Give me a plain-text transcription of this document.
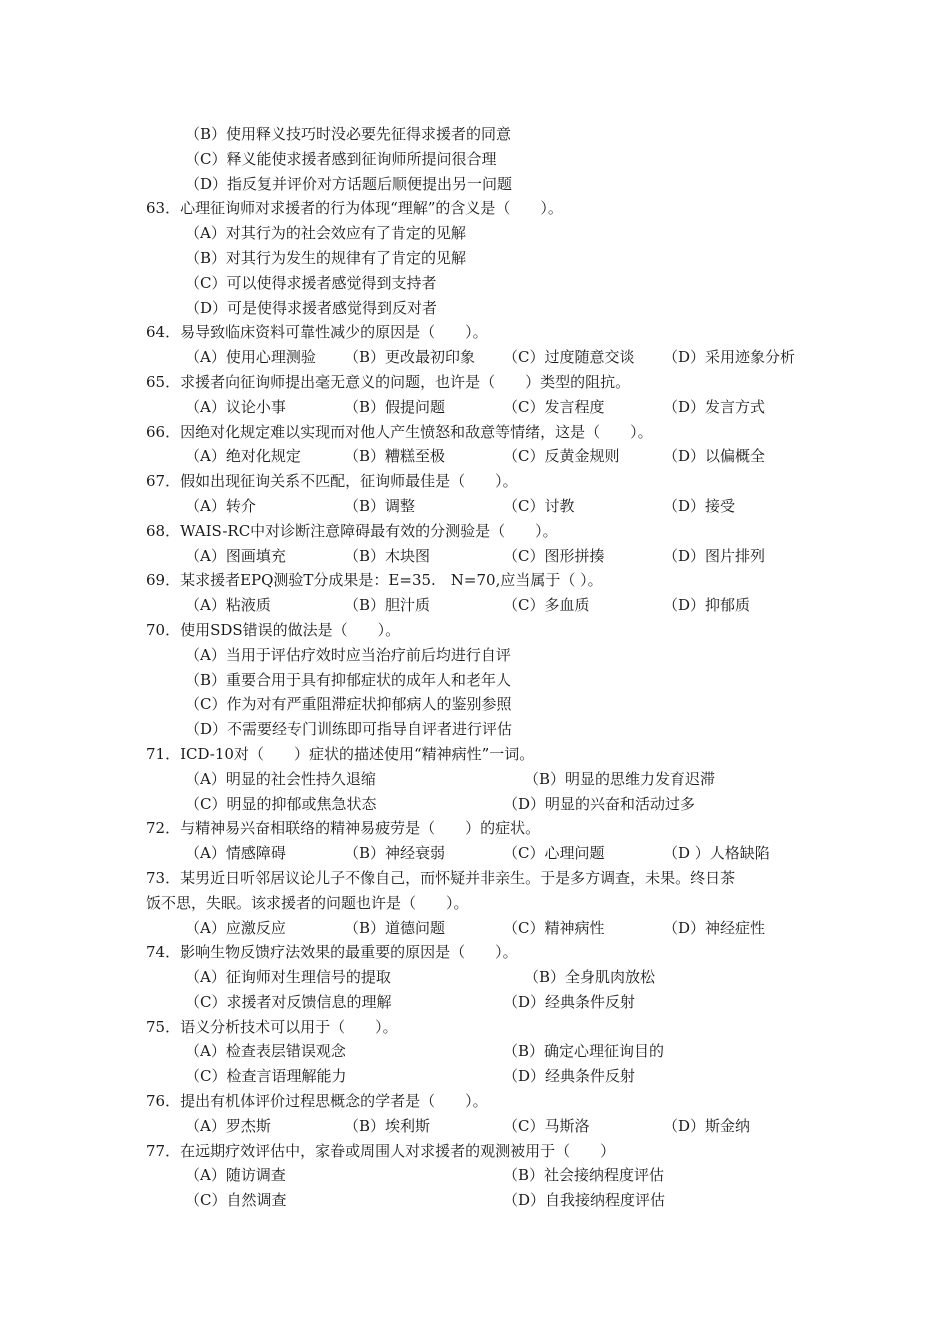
（B）使用释义技巧时没必要先征得求援者的同意
（C）释义能使求援者感到征询师所提问很合理
（D）指反复并评价对方话题后顺便提出另一问题
63．心理征询师对求援者的行为体现“理解”的含义是（　　）。
（A）对其行为的社会效应有了肯定的见解
（B）对其行为发生的规律有了肯定的见解
（C）可以使得求援者感觉得到支持者
（D）可是使得求援者感觉得到反对者
64．易导致临床资料可靠性减少的原因是（　　）。
（A）使用心理测验 （B）更改最初印象 （C）过度随意交谈 （D）采用迹象分析
65．求援者向征询师提出毫无意义的问题，也许是（　　）类型的阻抗。
（A）议论小事	（B）假提问题	（C）发言程度	（D）发言方式
66．因绝对化规定难以实现而对他人产生愤怒和敌意等情绪，这是（　　）。
（A）绝对化规定	（B）糟糕至极	（C）反黄金规则	（D）以偏概全
67．假如出现征询关系不匹配，征询师最佳是（　　）。
（A）转介	（B）调整	（C）讨教	（D）接受
68．WAIS-RC中对诊断注意障碍最有效的分测验是（　　）。
（A）图画填充	（B）木块图	（C）图形拼揍	（D）图片排列
69．某求援者EPQ测验T分成果是：E=35.　N=70,应当属于（ ）。
（A）粘液质	（B）胆汁质	（C）多血质	（D）抑郁质
70．使用SDS错误的做法是（　　）。
（A）当用于评估疗效时应当治疗前后均进行自评
（B）重要合用于具有抑郁症状的成年人和老年人
（C）作为对有严重阻滞症状抑郁病人的鉴别参照
（D）不需要经专门训练即可指导自评者进行评估
71．ICD-10对（　　）症状的描述使用“精神病性”一词。
（A）明显的社会性持久退缩	（B）明显的思维力发育迟滞
（C）明显的抑郁或焦急状态	（D）明显的兴奋和活动过多
72．与精神易兴奋相联络的精神易疲劳是（　　）的症状。
（A）情感障碍	（B）神经衰弱	（C）心理问题	（D ）人格缺陷
73．某男近日听邻居议论儿子不像自己，而怀疑并非亲生。于是多方调查，未果。终日茶
饭不思，失眠。该求援者的问题也许是（　　）。
（A）应激反应	（B）道德问题	（C）精神病性	（D）神经症性
74．影响生物反馈疗法效果的最重要的原因是（　　）。
（A）征询师对生理信号的提取	（B）全身肌肉放松
（C）求援者对反馈信息的理解	（D）经典条件反射
75．语义分析技术可以用于（　　）。
（A）检查表层错误观念	（B）确定心理征询目的
（C）检查言语理解能力	（D）经典条件反射
76．提出有机体评价过程思概念的学者是（　　）。
（A）罗杰斯	（B）埃利斯	（C）马斯洛	（D）斯金纳
77．在远期疗效评估中，家眷或周围人对求援者的观测被用于（　　）
（A）随访调查	（B）社会接纳程度评估
（C）自然调查	（D）自我接纳程度评估
